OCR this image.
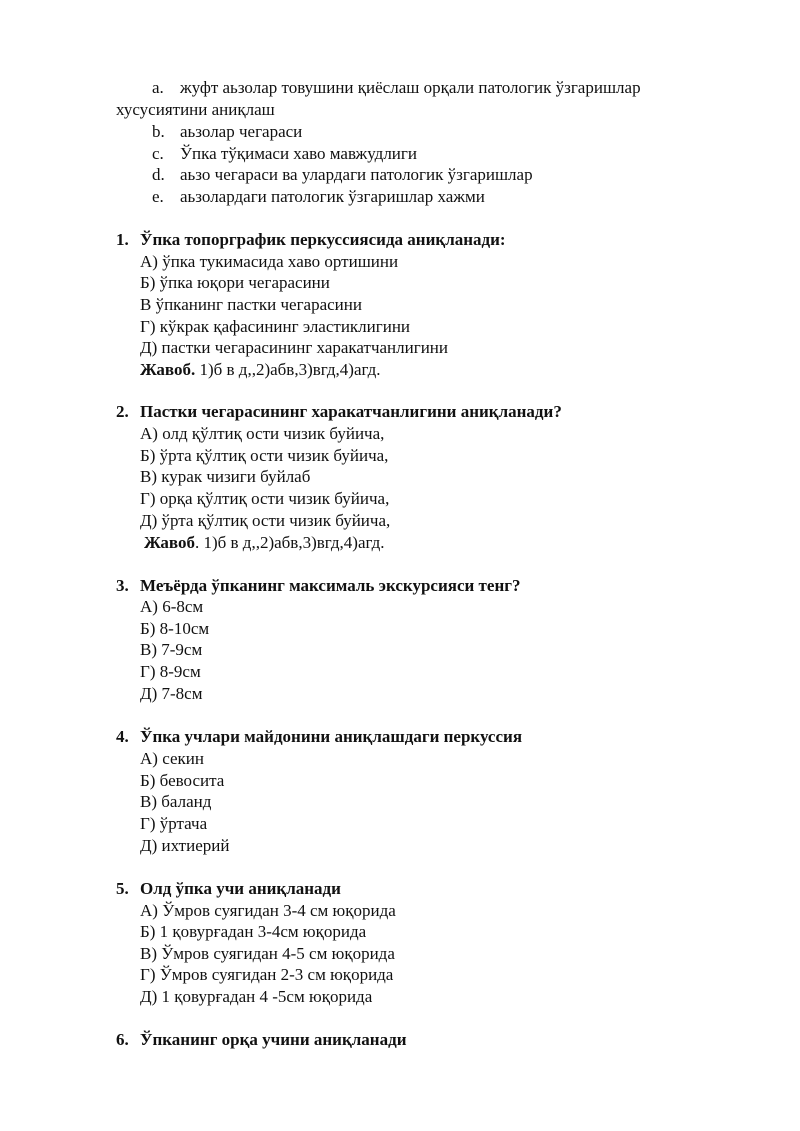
a. жуфт аьзолар товушини қиёслаш орқали патологик ўзгаришлар
хусусиятини аниқлаш
b. аьзолар чегараси
c. Ўпка тўқимаси хаво мавжудлиги
d. аьзо чегараси ва улардаги патологик ўзгаришлар
e. аьзолардаги патологик ўзгаришлар хажми
1. Ўпка топорграфик перкуссиясида аниқланади:
А) ўпка тукимасида хаво ортишини
Б) ўпка юқори чегарасини
В ўпканинг пастки чегарасини
Г) кўкрак қафасининг эластиклигини
Д) пастки чегарасининг харакатчанлигини
Жавоб. 1)б в д,,2)абв,3)вгд,4)агд.
2. Пастки чегарасининг харакатчанлигини аниқланади?
А) олд қўлтиқ ости чизик буйича,
Б) ўрта қўлтиқ ости чизик буйича,
В) курак чизиги буйлаб
Г) орқа қўлтиқ ости чизик буйича,
Д) ўрта қўлтиқ ости чизик буйича,
Жавоб. 1)б в д,,2)абв,3)вгд,4)агд.
3. Меъёрда ўпканинг максималь экскурсияси тенг?
А) 6-8см
Б) 8-10см
В) 7-9см
Г) 8-9см
Д) 7-8см
4. Ўпка учлари майдонини аниқлашдаги перкуссия
А) секин
Б) бевосита
В) баланд
Г) ўртача
Д) ихтиерий
5. Олд ўпка учи аниқланади
А) Ўмров суягидан 3-4 см юқорида
Б) 1 қовурғадан 3-4см юқорида
В) Ўмров суягидан 4-5 см юқорида
Г) Ўмров суягидан 2-3 см юқорида
Д) 1 қовурғадан 4 -5см юқорида
6. Ўпканинг орқа учини аниқланади
